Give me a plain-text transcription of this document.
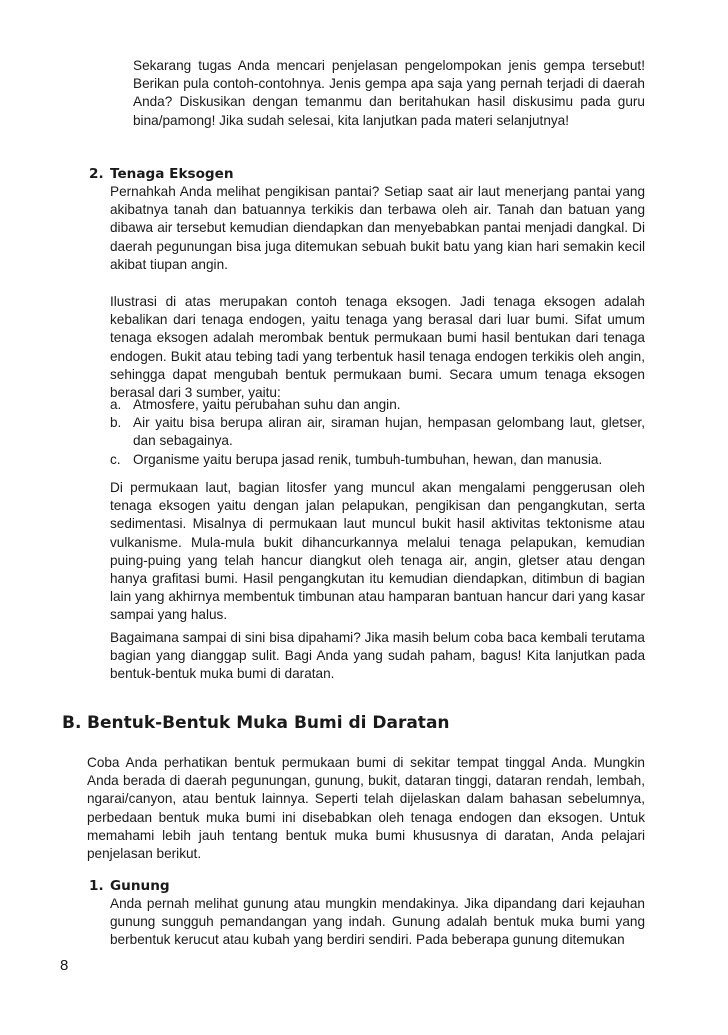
Sekarang tugas Anda mencari penjelasan pengelompokan jenis gempa tersebut! Berikan pula contoh-contohnya. Jenis gempa apa saja yang pernah terjadi di daerah Anda? Diskusikan dengan temanmu dan beritahukan hasil diskusimu pada guru bina/pamong! Jika sudah selesai, kita lanjutkan pada materi selanjutnya!

2. Tenaga Eksogen

Pernahkah Anda melihat pengikisan pantai? Setiap saat air laut menerjang pantai yang akibatnya tanah dan batuannya terkikis dan terbawa oleh air. Tanah dan batuan yang dibawa air tersebut kemudian diendapkan dan menyebabkan pantai menjadi dangkal. Di daerah pegunungan bisa juga ditemukan sebuah bukit batu yang kian hari semakin kecil akibat tiupan angin.

Ilustrasi di atas merupakan contoh tenaga eksogen. Jadi tenaga eksogen adalah kebalikan dari tenaga endogen, yaitu tenaga yang berasal dari luar bumi. Sifat umum tenaga eksogen adalah merombak bentuk permukaan bumi hasil bentukan dari tenaga endogen. Bukit atau tebing tadi yang terbentuk hasil tenaga endogen terkikis oleh angin, sehingga dapat mengubah bentuk permukaan bumi. Secara umum tenaga eksogen berasal dari 3 sumber, yaitu:

a. Atmosfere, yaitu perubahan suhu dan angin.
b. Air yaitu bisa berupa aliran air, siraman hujan, hempasan gelombang laut, gletser, dan sebagainya.
c. Organisme yaitu berupa jasad renik, tumbuh-tumbuhan, hewan, dan manusia.

Di permukaan laut, bagian litosfer yang muncul akan mengalami penggerusan oleh tenaga eksogen yaitu dengan jalan pelapukan, pengikisan dan pengangkutan, serta sedimentasi. Misalnya di permukaan laut muncul bukit hasil aktivitas tektonisme atau vulkanisme. Mula-mula bukit dihancurkannya melalui tenaga pelapukan, kemudian puing-puing yang telah hancur diangkut oleh tenaga air, angin, gletser atau dengan hanya grafitasi bumi. Hasil pengangkutan itu kemudian diendapkan, ditimbun di bagian lain yang akhirnya membentuk timbunan atau hamparan bantuan hancur dari yang kasar sampai yang halus.

Bagaimana sampai di sini bisa dipahami? Jika masih belum coba baca kembali terutama bagian yang dianggap sulit. Bagi Anda yang sudah paham, bagus! Kita lanjutkan pada bentuk-bentuk muka bumi di daratan.

B. Bentuk-Bentuk Muka Bumi di Daratan

Coba Anda perhatikan bentuk permukaan bumi di sekitar tempat tinggal Anda. Mungkin Anda berada di daerah pegunungan, gunung, bukit, dataran tinggi, dataran rendah, lembah, ngarai/canyon, atau bentuk lainnya. Seperti telah dijelaskan dalam bahasan sebelumnya, perbedaan bentuk muka bumi ini disebabkan oleh tenaga endogen dan eksogen. Untuk memahami lebih jauh tentang bentuk muka bumi khususnya di daratan, Anda pelajari penjelasan berikut.

1. Gunung

Anda pernah melihat gunung atau mungkin mendakinya. Jika dipandang dari kejauhan gunung sungguh pemandangan yang indah. Gunung adalah bentuk muka bumi yang berbentuk kerucut atau kubah yang berdiri sendiri. Pada beberapa gunung ditemukan

8
